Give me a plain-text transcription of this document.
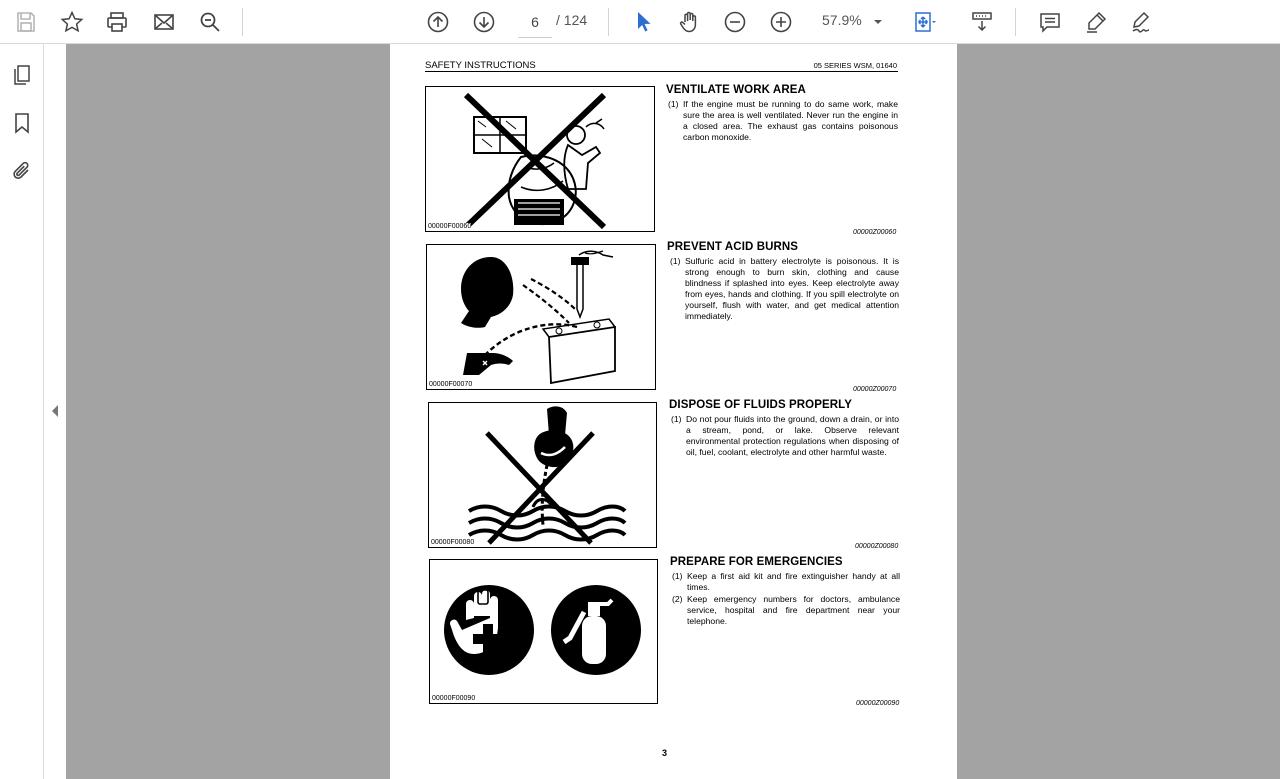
6
/ 124	57.9%
SAFETY INSTRUCTIONS	05 SERIES WSM, 01640
00000F00060
VENTILATE WORK AREA
(1) If the engine must be running to do same work, make sure the area is well ventilated. Never run the engine in a closed area. The exhaust gas contains poisonous carbon monoxide.
00000Z00060
00000F00070
PREVENT ACID BURNS
(1) Sulfuric acid in battery electrolyte is poisonous. It is strong enough to burn skin, clothing and cause blindness if splashed into eyes. Keep electrolyte away from eyes, hands and clothing. If you spill electrolyte on yourself, flush with water, and get medical attention immediately.
00000Z00070
00000F00080
DISPOSE OF FLUIDS PROPERLY
(1) Do not pour fluids into the ground, down a drain, or into a stream, pond, or lake. Observe relevant environmental protection regulations when disposing of oil, fuel, coolant, electrolyte and other harmful waste.
00000Z00080
00000F00090
PREPARE FOR EMERGENCIES
(1) Keep a first aid kit and fire extinguisher handy at all times.
(2) Keep emergency numbers for doctors, ambulance service, hospital and fire department near your telephone.
00000Z00090
3
